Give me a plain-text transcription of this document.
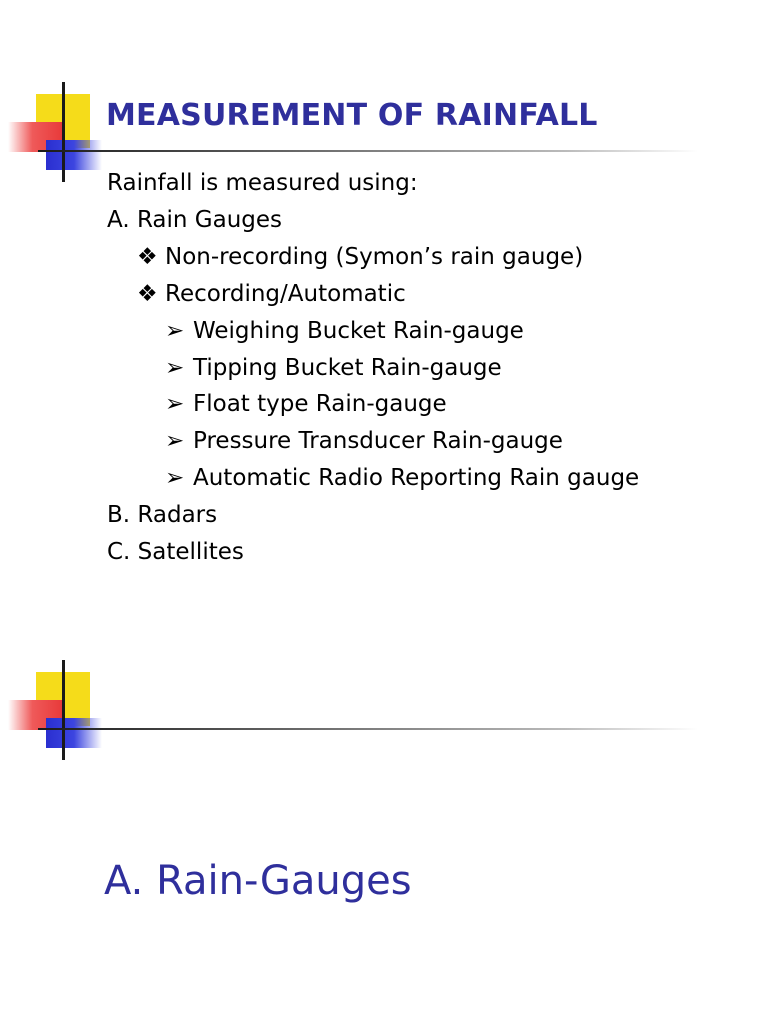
MEASUREMENT OF RAINFALL
Rainfall is measured using:
A. Rain Gauges
❖ Non-recording (Symon’s rain gauge)
❖ Recording/Automatic
➢ Weighing Bucket Rain-gauge
➢ Tipping Bucket Rain-gauge
➢ Float type Rain-gauge
➢ Pressure Transducer Rain-gauge
➢ Automatic Radio Reporting Rain gauge
B. Radars
C. Satellites
A. Rain-Gauges
